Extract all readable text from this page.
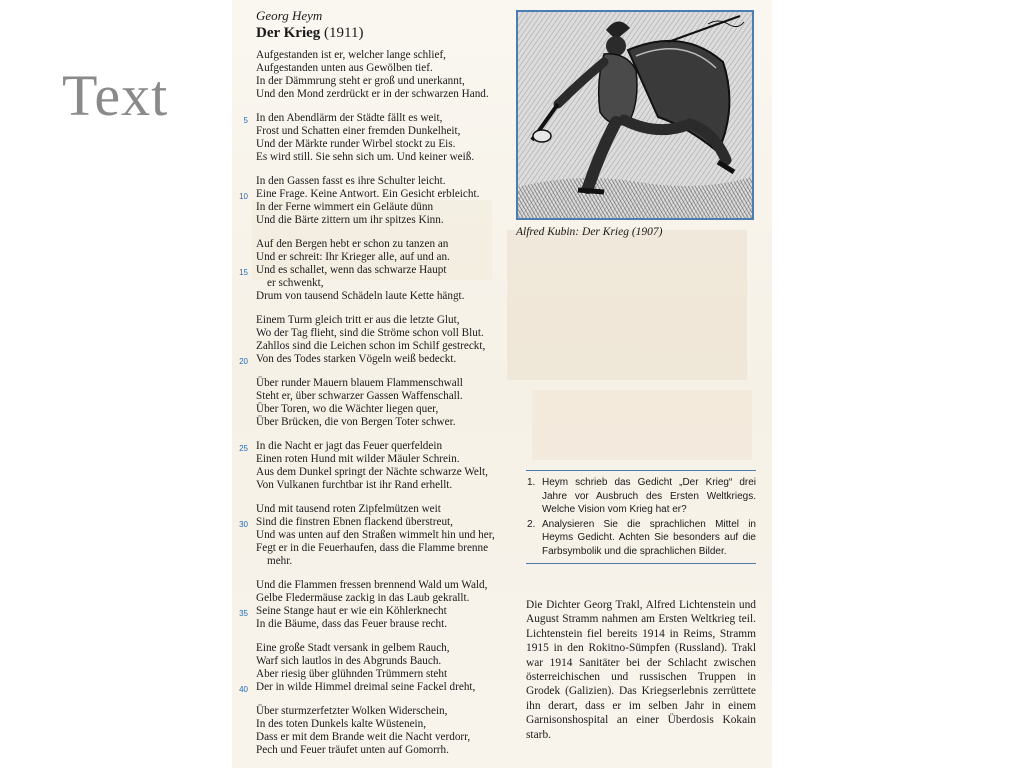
Text
Georg Heym
Der Krieg (1911)
Aufgestanden ist er, welcher lange schlief,
Aufgestanden unten aus Gewölben tief.
In der Dämmrung steht er groß und unerkannt,
Und den Mond zerdrückt er in der schwarzen Hand.
5 In den Abendlärm der Städte fällt es weit,
Frost und Schatten einer fremden Dunkelheit,
Und der Märkte runder Wirbel stockt zu Eis.
Es wird still. Sie sehn sich um. Und keiner weiß.
In den Gassen fasst es ihre Schulter leicht.
10 Eine Frage. Keine Antwort. Ein Gesicht erbleicht.
In der Ferne wimmert ein Geläute dünn
Und die Bärte zittern um ihr spitzes Kinn.
Auf den Bergen hebt er schon zu tanzen an
Und er schreit: Ihr Krieger alle, auf und an.
15 Und es schallet, wenn das schwarze Haupt
er schwenkt,
Drum von tausend Schädeln laute Kette hängt.
Einem Turm gleich tritt er aus die letzte Glut,
Wo der Tag flieht, sind die Ströme schon voll Blut.
Zahllos sind die Leichen schon im Schilf gestreckt,
20 Von des Todes starken Vögeln weiß bedeckt.
Über runder Mauern blauem Flammenschwall
Steht er, über schwarzer Gassen Waffenschall.
Über Toren, wo die Wächter liegen quer,
Über Brücken, die von Bergen Toter schwer.
25 In die Nacht er jagt das Feuer querfeldein
Einen roten Hund mit wilder Mäuler Schrein.
Aus dem Dunkel springt der Nächte schwarze Welt,
Von Vulkanen furchtbar ist ihr Rand erhellt.
Und mit tausend roten Zipfelmützen weit
30 Sind die finstren Ebnen flackend überstreut,
Und was unten auf den Straßen wimmelt hin und her,
Fegt er in die Feuerhaufen, dass die Flamme brenne
mehr.
Und die Flammen fressen brennend Wald um Wald,
Gelbe Fledermäuse zackig in das Laub gekrallt.
35 Seine Stange haut er wie ein Köhlerknecht
In die Bäume, dass das Feuer brause recht.
Eine große Stadt versank in gelbem Rauch,
Warf sich lautlos in des Abgrunds Bauch.
Aber riesig über glühnden Trümmern steht
40 Der in wilde Himmel dreimal seine Fackel dreht,
Über sturmzerfetzter Wolken Widerschein,
In des toten Dunkels kalte Wüstenein,
Dass er mit dem Brande weit die Nacht verdorr,
Pech und Feuer träufet unten auf Gomorrh.
Alfred Kubin: Der Krieg (1907)
1. Heym schrieb das Gedicht „Der Krieg“ drei Jahre vor Ausbruch des Ersten Weltkriegs. Welche Vision vom Krieg hat er?
2. Analysieren Sie die sprachlichen Mittel in Heyms Gedicht. Achten Sie besonders auf die Farbsymbolik und die sprachlichen Bilder.
Die Dichter Georg Trakl, Alfred Lichtenstein und August Stramm nahmen am Ersten Weltkrieg teil. Lichtenstein fiel bereits 1914 in Reims, Stramm 1915 in den Rokitno-Sümpfen (Russland). Trakl war 1914 Sanitäter bei der Schlacht zwischen österreichischen und russischen Truppen in Grodek (Galizien). Das Kriegserlebnis zerrüttete ihn derart, dass er im selben Jahr in einem Garnisonshospital an einer Überdosis Kokain starb.
